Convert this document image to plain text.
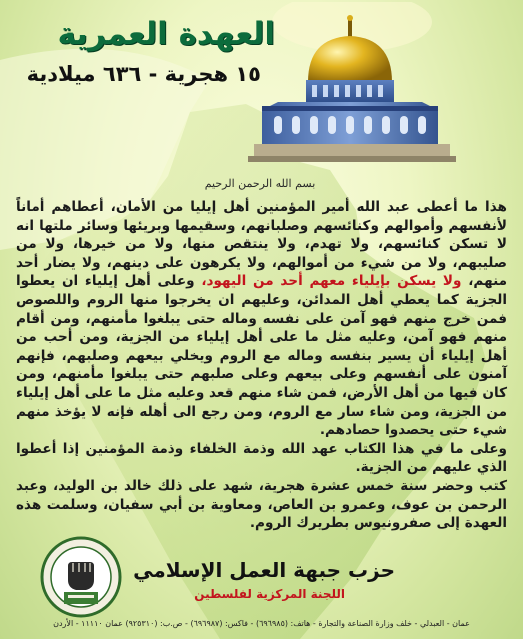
العهدة العمرية
١٥ هجرية - ٦٣٦ ميلادية
بسم الله الرحمن الرحيم

هذا ما أعطى عبد الله أمير المؤمنين أهل إيليا من الأمان، أعطاهم أماناً لأنفسهم وأموالهم وكنائسهم وصلبانهم، وسقيمها وبريئها وسائر ملتها انه لا تسكن كنائسهم، ولا تهدم، ولا ينتقص منها، ولا من خيرها، ولا من صليبهم، ولا من شيء من أموالهم، ولا يكرهون على دينهم، ولا يضار أحد منهم، ولا يسكن بإيلياء معهم أحد من اليهود، وعلى أهل إيلياء ان يعطوا الجزية كما يعطي أهل المدائن، وعليهم ان يخرجوا منها الروم واللصوص فمن خرج منهم فهو آمن على نفسه وماله حتى يبلغوا مأمنهم، ومن أقام منهم فهو آمن، وعليه مثل ما على أهل إيلياء من الجزية، ومن أحب من أهل إيلياء أن يسير بنفسه وماله مع الروم ويخلي بيعهم وصلبهم، فإنهم آمنون على أنفسهم وعلى بيعهم وعلى صلبهم حتى يبلغوا مأمنهم، ومن كان فيها من أهل الأرض، فمن شاء منهم قعد وعليه مثل ما على أهل إيلياء من الجزية، ومن شاء سار مع الروم، ومن رجع الى أهله فإنه لا يؤخذ منهم شيء حتى يحصدوا حصادهم.

وعلى ما في هذا الكتاب عهد الله وذمة الخلفاء وذمة المؤمنين إذا أعطوا الذي عليهم من الجزية.

كتب وحضر سنة خمس عشرة هجرية، شهد على ذلك خالد بن الوليد، وعبد الرحمن بن عوف، وعمرو بن العاص، ومعاوية بن أبي سفيان، وسلمت هذه العهدة إلى صفرونيوس بطريرك الروم.

حزب جبهة العمل الإسلامي
اللجنة المركزية لفلسطين
عمان - العبدلي - خلف وزارة الصناعة والتجارة - هاتف: (٦٩٦٩٨٥) - فاكس: (٦٩٦٩٨٧) - ص.ب: (٩٢٥٣١٠) عمان ١١١١٠ - الأردن
